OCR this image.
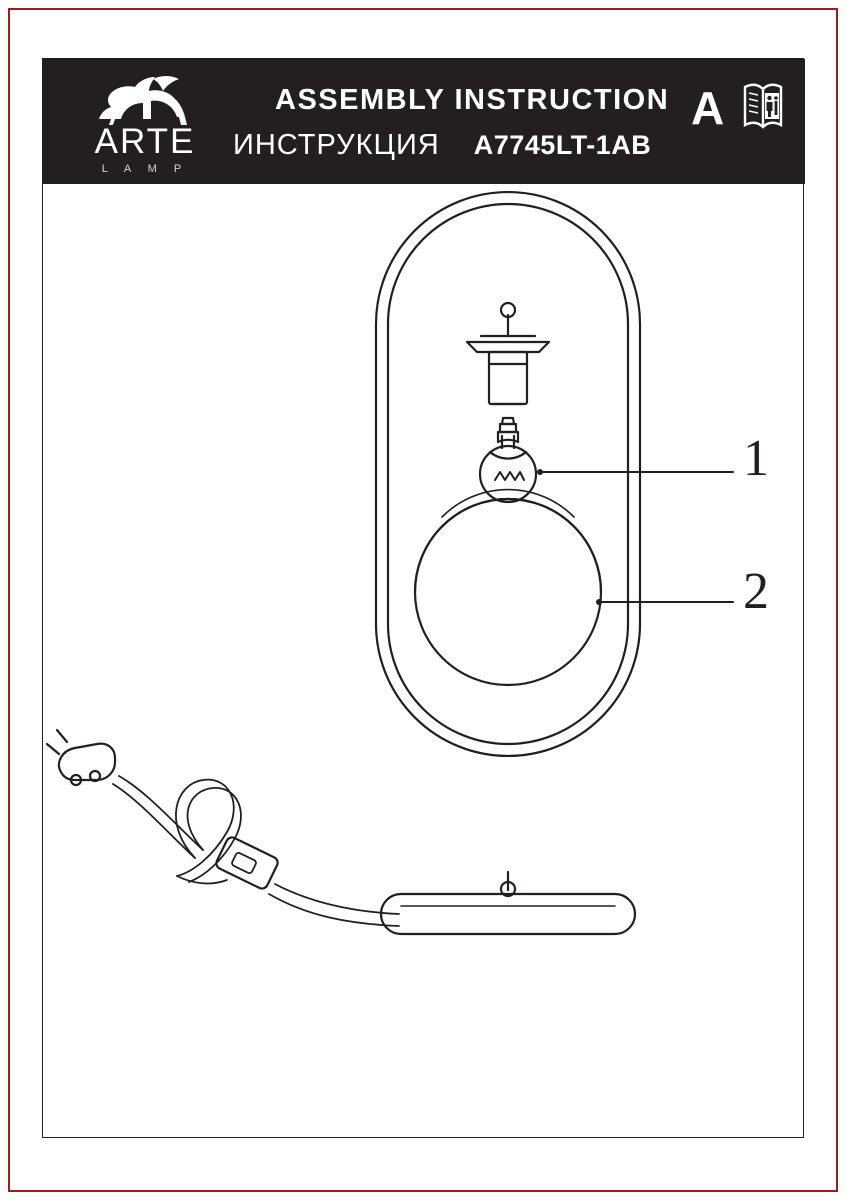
ARTE
L A M P
ASSEMBLY INSTRUCTION
ИНСТРУКЦИЯ A7745LT-1AB
A
1
2
